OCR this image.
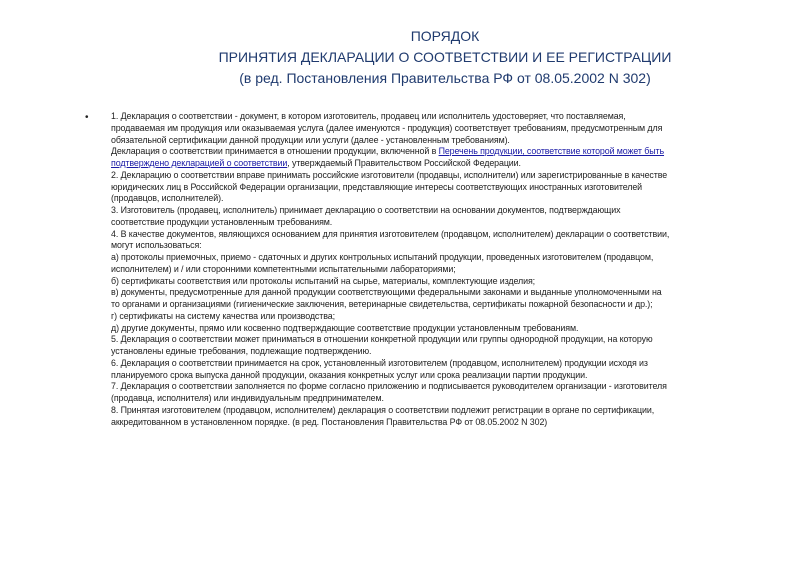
ПОРЯДОК
ПРИНЯТИЯ ДЕКЛАРАЦИИ О СООТВЕТСТВИИ И ЕЕ РЕГИСТРАЦИИ
(в ред. Постановления Правительства РФ от 08.05.2002 N 302)
•	1. Декларация о соответствии - документ, в котором изготовитель, продавец или исполнитель удостоверяет, что поставляемая,
продаваемая им продукция или оказываемая услуга (далее именуются - продукция) соответствует требованиям, предусмотренным для
обязательной сертификации данной продукции или услуги (далее - установленным требованиям).
Декларация о соответствии принимается в отношении продукции, включенной в Перечень продукции, соответствие которой может быть
подтверждено декларацией о соответствии, утверждаемый Правительством Российской Федерации.
2. Декларацию о соответствии вправе принимать российские изготовители (продавцы, исполнители) или зарегистрированные в качестве
юридических лиц в Российской Федерации организации, представляющие интересы соответствующих иностранных изготовителей
(продавцов, исполнителей).
3. Изготовитель (продавец, исполнитель) принимает декларацию о соответствии на основании документов, подтверждающих
соответствие продукции установленным требованиям.
4. В качестве документов, являющихся основанием для принятия изготовителем (продавцом, исполнителем) декларации о соответствии,
могут использоваться:
а) протоколы приемочных, приемо - сдаточных и других контрольных испытаний продукции, проведенных изготовителем (продавцом,
исполнителем) и / или сторонними компетентными испытательными лабораториями;
б) сертификаты соответствия или протоколы испытаний на сырье, материалы, комплектующие изделия;
в) документы, предусмотренные для данной продукции соответствующими федеральными законами и выданные уполномоченными на
то органами и организациями (гигиенические заключения, ветеринарные свидетельства, сертификаты пожарной безопасности и др.);
г) сертификаты на систему качества или производства;
д) другие документы, прямо или косвенно подтверждающие соответствие продукции установленным требованиям.
5. Декларация о соответствии может приниматься в отношении конкретной продукции или группы однородной продукции, на которую
установлены единые требования, подлежащие подтверждению.
6. Декларация о соответствии принимается на срок, установленный изготовителем (продавцом, исполнителем) продукции исходя из
планируемого срока выпуска данной продукции, оказания конкретных услуг или срока реализации партии продукции.
7. Декларация о соответствии заполняется по форме согласно приложению и подписывается руководителем организации - изготовителя
(продавца, исполнителя) или индивидуальным предпринимателем.
8. Принятая изготовителем (продавцом, исполнителем) декларация о соответствии подлежит регистрации в органе по сертификации,
аккредитованном в установленном порядке. (в ред. Постановления Правительства РФ от 08.05.2002 N 302)
